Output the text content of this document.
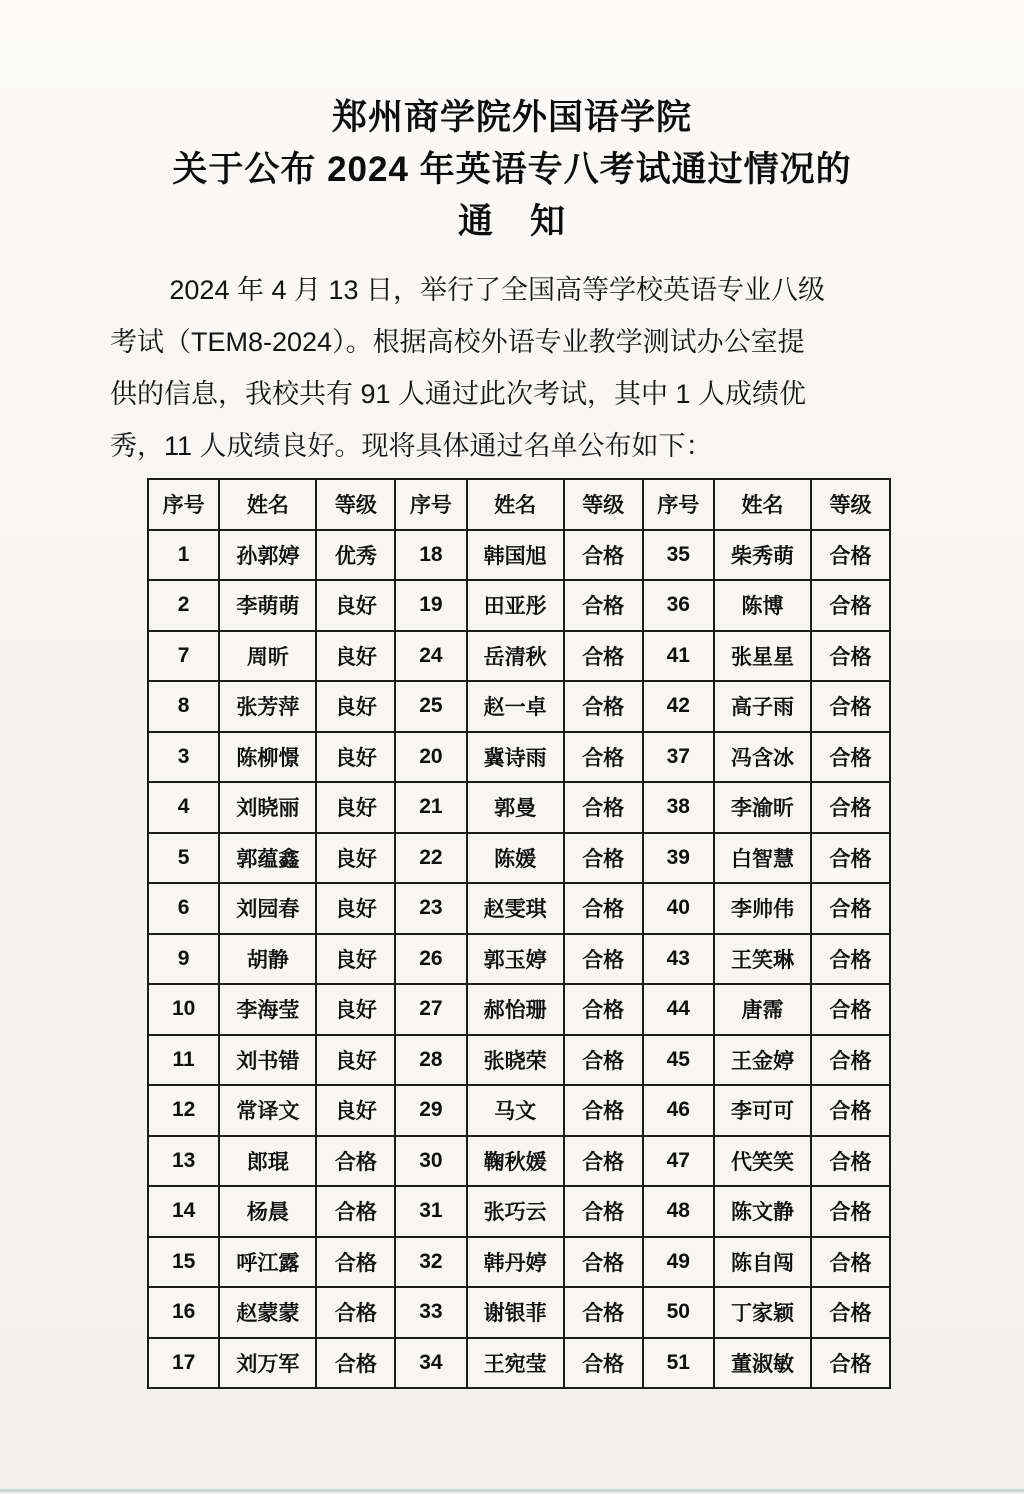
郑州商学院外国语学院
关于公布 2024 年英语专八考试通过情况的
通　知
2024 年 4 月 13 日，举行了全国高等学校英语专业八级
考试（TEM8-2024）。根据高校外语专业教学测试办公室提
供的信息，我校共有 91 人通过此次考试，其中 1 人成绩优
秀，11 人成绩良好。现将具体通过名单公布如下：
序号	姓名	等级	序号	姓名	等级	序号	姓名	等级
1	孙郭婷	优秀	18	韩国旭	合格	35	柴秀萌	合格
2	李萌萌	良好	19	田亚彤	合格	36	陈博	合格
7	周昕	良好	24	岳清秋	合格	41	张星星	合格
8	张芳萍	良好	25	赵一卓	合格	42	高子雨	合格
3	陈柳憬	良好	20	冀诗雨	合格	37	冯含冰	合格
4	刘晓丽	良好	21	郭曼	合格	38	李渝昕	合格
5	郭蕴鑫	良好	22	陈媛	合格	39	白智慧	合格
6	刘园春	良好	23	赵雯琪	合格	40	李帅伟	合格
9	胡静	良好	26	郭玉婷	合格	43	王笑琳	合格
10	李海莹	良好	27	郝怡珊	合格	44	唐霈	合格
11	刘书错	良好	28	张晓荣	合格	45	王金婷	合格
12	常译文	良好	29	马文	合格	46	李可可	合格
13	郎琨	合格	30	鞠秋媛	合格	47	代笑笑	合格
14	杨晨	合格	31	张巧云	合格	48	陈文静	合格
15	呼江露	合格	32	韩丹婷	合格	49	陈自闯	合格
16	赵蒙蒙	合格	33	谢银菲	合格	50	丁家颖	合格
17	刘万军	合格	34	王宛莹	合格	51	董淑敏	合格
